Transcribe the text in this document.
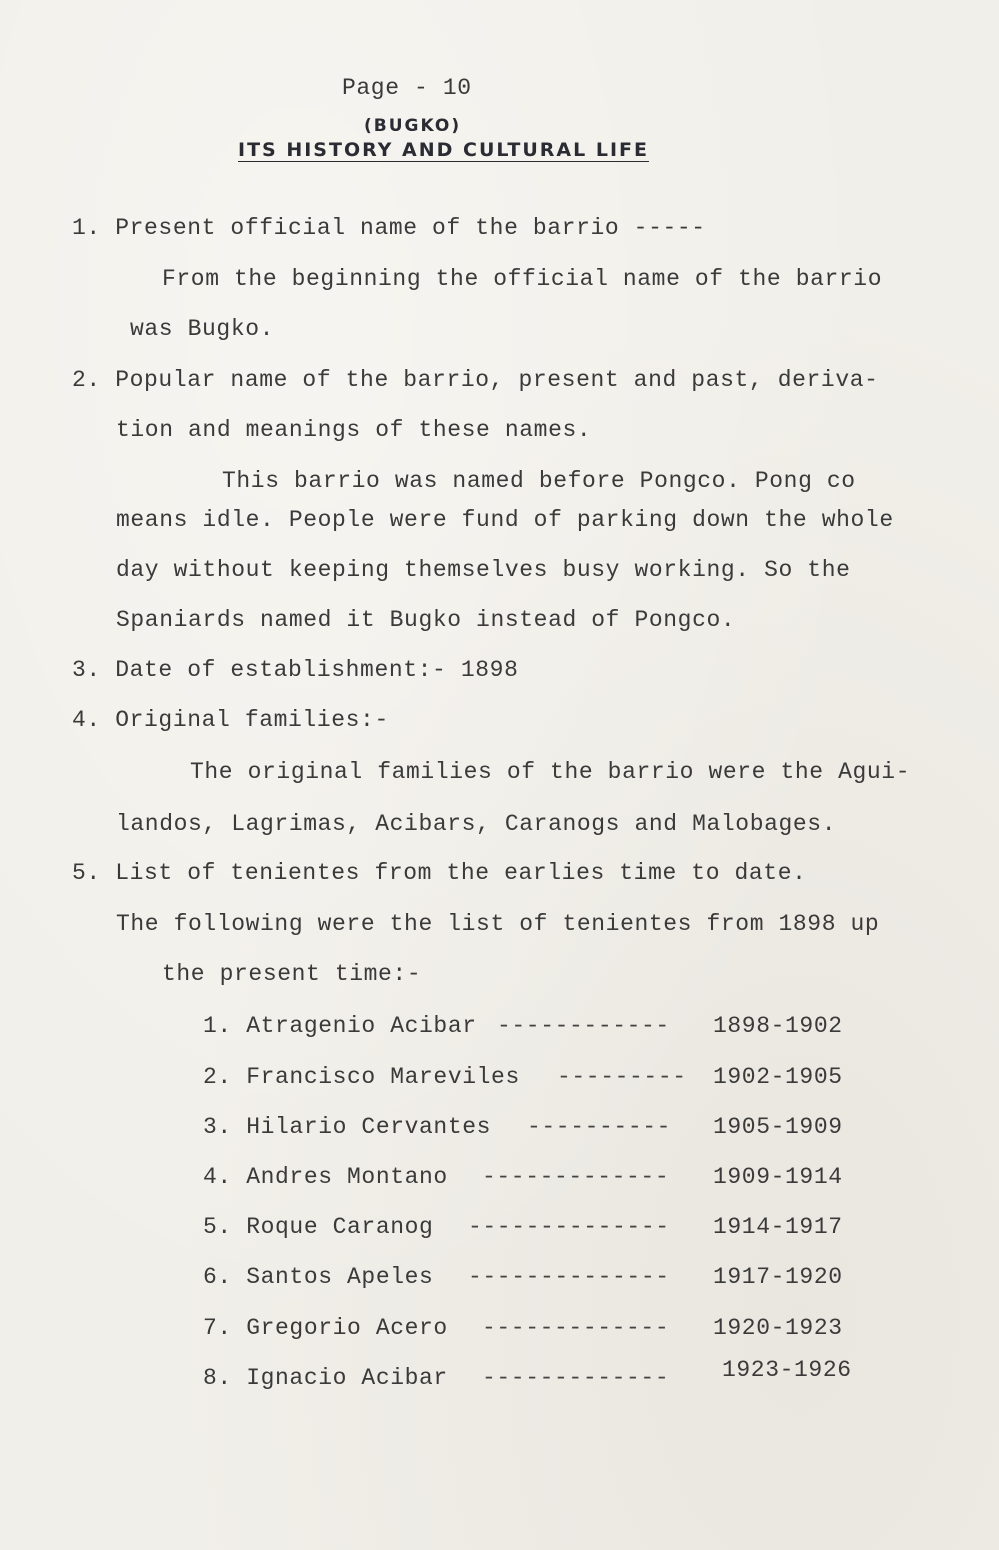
Page - 10
(BUGKO)
ITS HISTORY AND CULTURAL LIFE
1. Present official name of the barrio -----
From the beginning the official name of the barrio
was Bugko.
2. Popular name of the barrio, present and past, deriva-
tion and meanings of these names.
This barrio was named before Pongco. Pong co
means idle. People were fund of parking down the whole
day without keeping themselves busy working. So the
Spaniards named it Bugko instead of Pongco.
3. Date of establishment:- 1898
4. Original families:-
The original families of the barrio were the Agui-
landos, Lagrimas, Acibars, Caranogs and Malobages.
5. List of tenientes from the earlies time to date.
The following were the list of tenientes from 1898 up
the present time:-
1. Atragenio Acibar ------------ 1898-1902
2. Francisco Mareviles --------- 1902-1905
3. Hilario Cervantes ---------- 1905-1909
4. Andres Montano ------------- 1909-1914
5. Roque Caranog -------------- 1914-1917
6. Santos Apeles -------------- 1917-1920
7. Gregorio Acero ------------- 1920-1923
8. Ignacio Acibar ------------- 1923-1926
